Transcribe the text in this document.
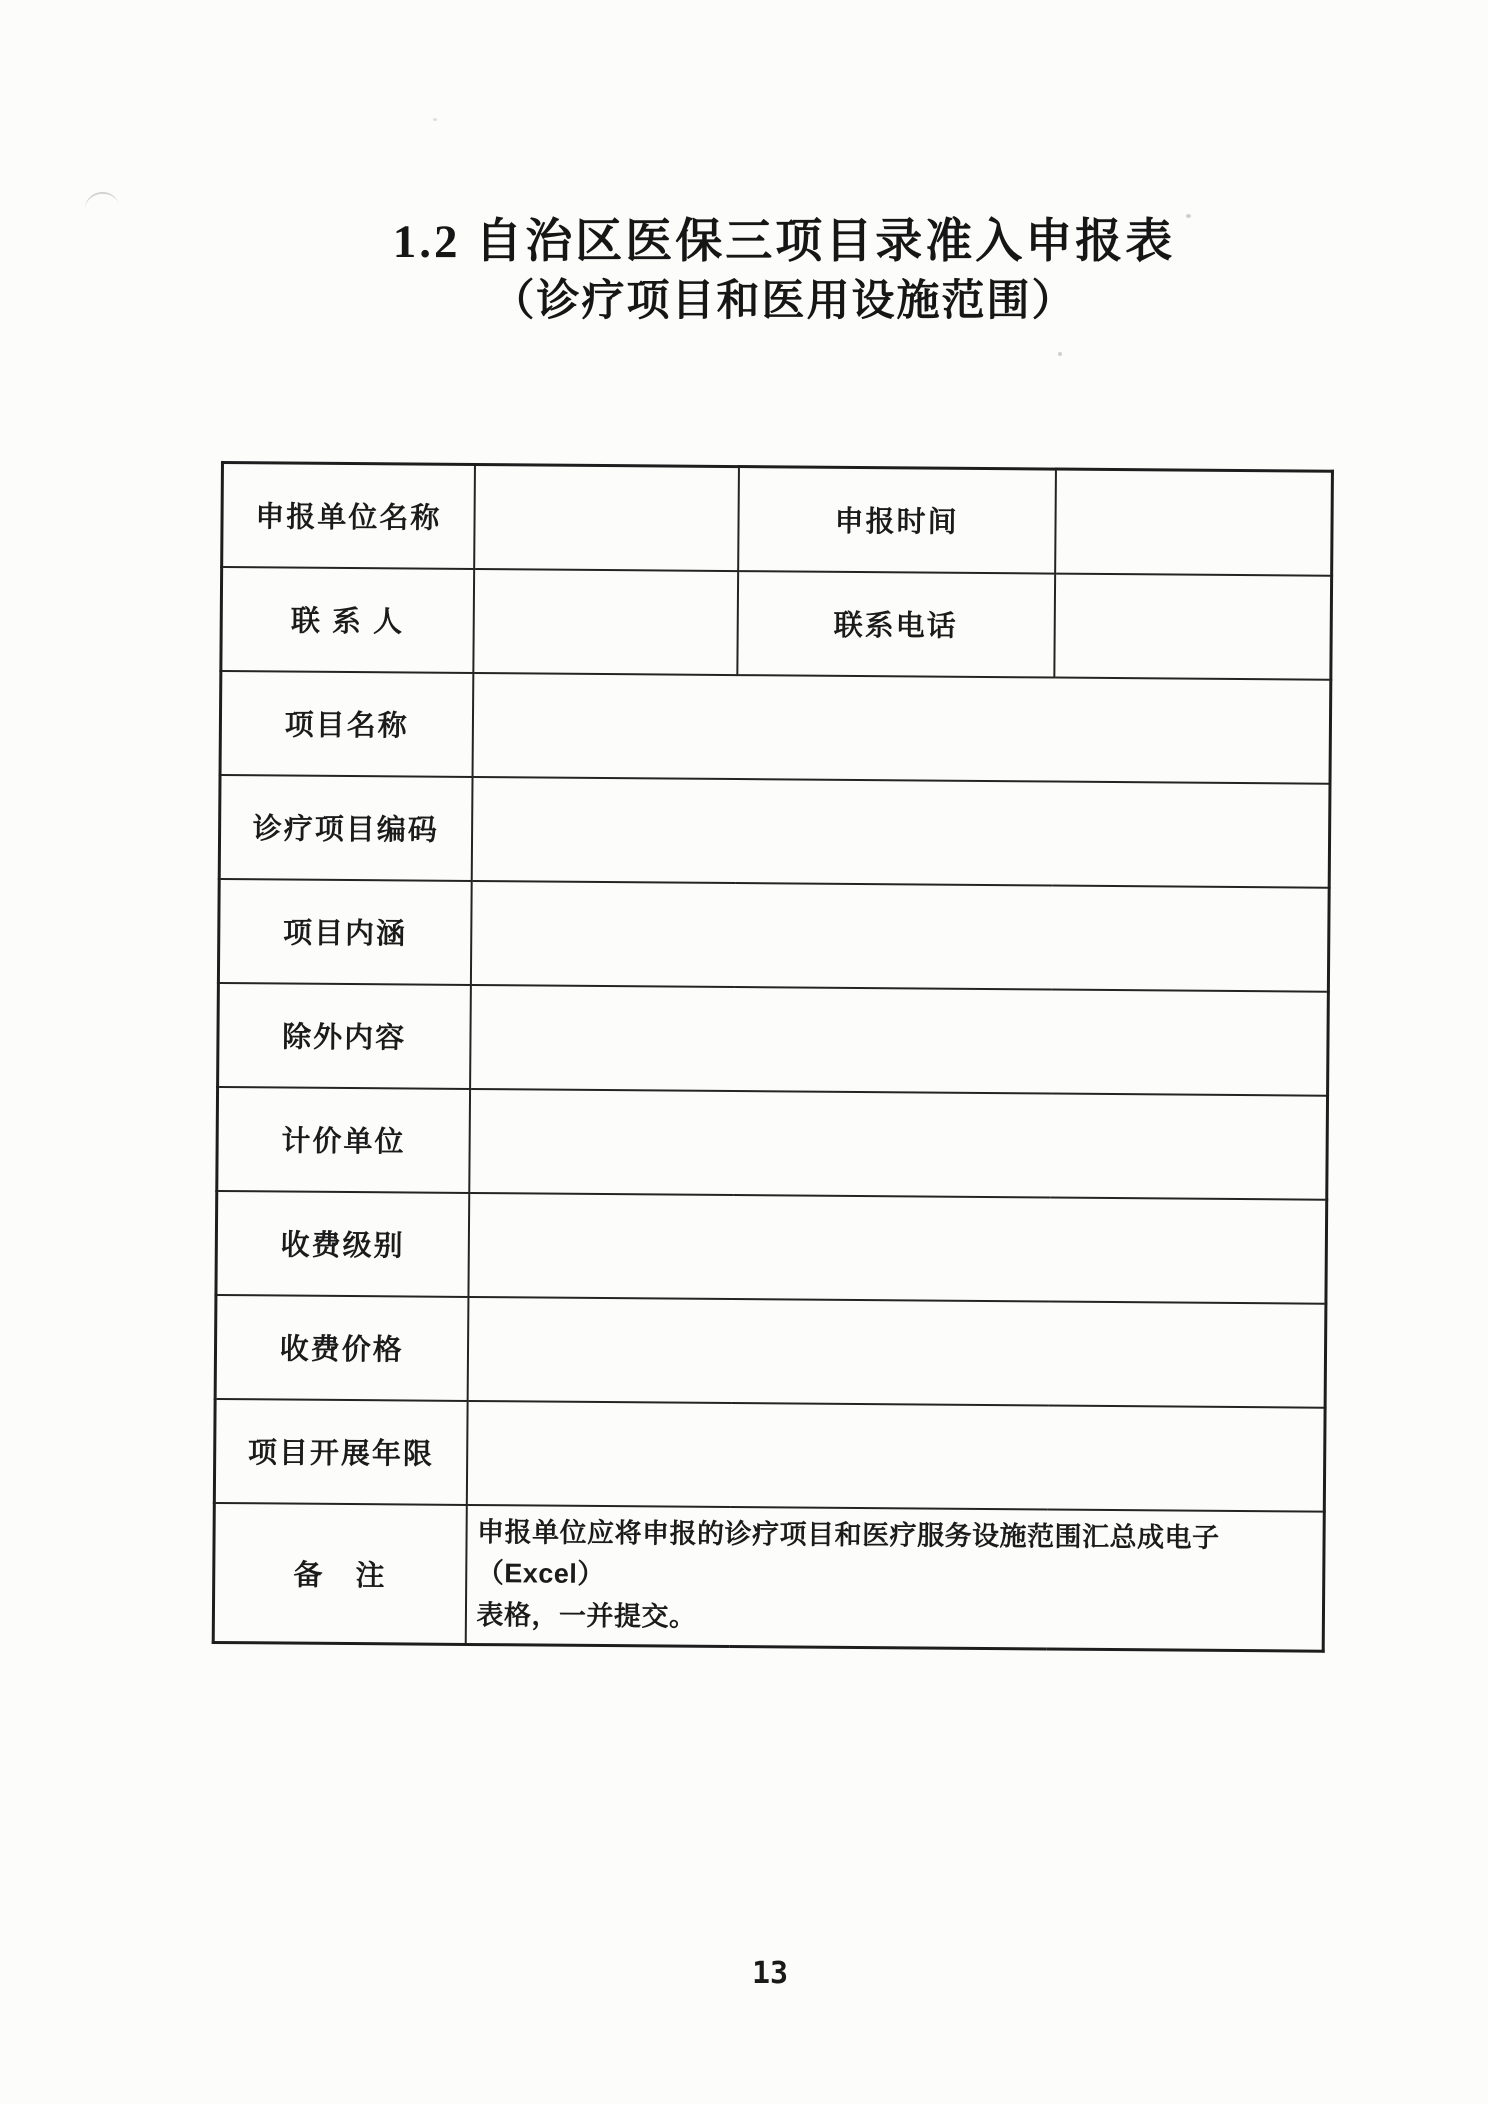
1.2 自治区医保三项目录准入申报表
（诊疗项目和医用设施范围）
申报单位名称		申报时间	
联 系 人		联系电话	
项目名称			
诊疗项目编码			
项目内涵			
除外内容			
计价单位			
收费级别			
收费价格			
项目开展年限			
备　注	申报单位应将申报的诊疗项目和医疗服务设施范围汇总成电子（Excel）
表格，一并提交。		
13
